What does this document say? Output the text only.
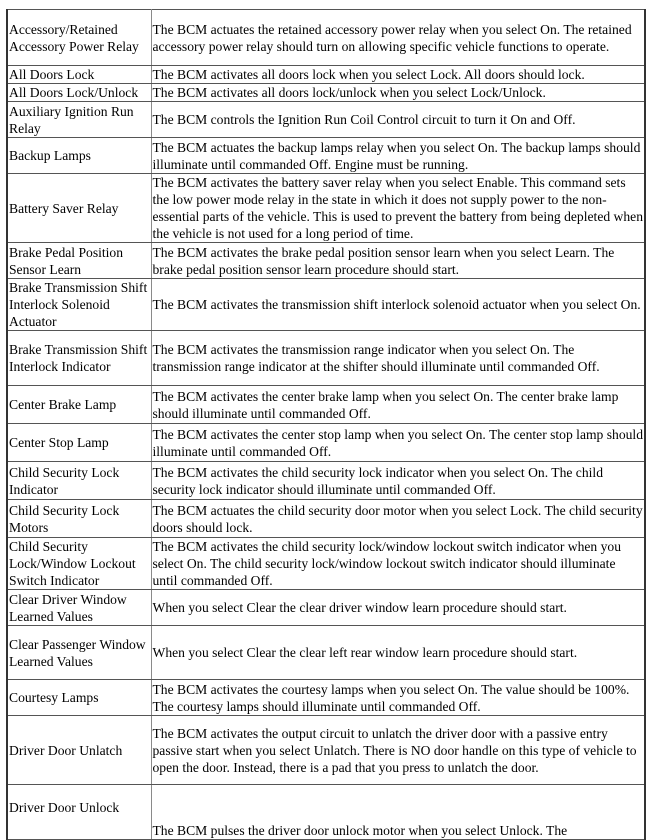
Accessory/Retained Accessory Power Relay	The BCM actuates the retained accessory power relay when you select On. The retained accessory power relay should turn on allowing specific vehicle functions to operate.
All Doors Lock	The BCM activates all doors lock when you select Lock. All doors should lock.
All Doors Lock/Unlock	The BCM activates all doors lock/unlock when you select Lock/Unlock.
Auxiliary Ignition Run Relay	The BCM controls the Ignition Run Coil Control circuit to turn it On and Off.
Backup Lamps	The BCM actuates the backup lamps relay when you select On. The backup lamps should illuminate until commanded Off. Engine must be running.
Battery Saver Relay	The BCM activates the battery saver relay when you select Enable. This command sets the low power mode relay in the state in which it does not supply power to the non-essential parts of the vehicle. This is used to prevent the battery from being depleted when the vehicle is not used for a long period of time.
Brake Pedal Position Sensor Learn	The BCM activates the brake pedal position sensor learn when you select Learn. The brake pedal position sensor learn procedure should start.
Brake Transmission Shift Interlock Solenoid Actuator	The BCM activates the transmission shift interlock solenoid actuator when you select On.
Brake Transmission Shift Interlock Indicator	The BCM activates the transmission range indicator when you select On. The transmission range indicator at the shifter should illuminate until commanded Off.
Center Brake Lamp	The BCM activates the center brake lamp when you select On. The center brake lamp should illuminate until commanded Off.
Center Stop Lamp	The BCM activates the center stop lamp when you select On. The center stop lamp should illuminate until commanded Off.
Child Security Lock Indicator	The BCM activates the child security lock indicator when you select On. The child security lock indicator should illuminate until commanded Off.
Child Security Lock Motors	The BCM actuates the child security door motor when you select Lock. The child security doors should lock.
Child Security Lock/Window Lockout Switch Indicator	The BCM activates the child security lock/window lockout switch indicator when you select On. The child security lock/window lockout switch indicator should illuminate until commanded Off.
Clear Driver Window Learned Values	When you select Clear the clear driver window learn procedure should start.
Clear Passenger Window Learned Values	When you select Clear the clear left rear window learn procedure should start.
Courtesy Lamps	The BCM activates the courtesy lamps when you select On. The value should be 100%. The courtesy lamps should illuminate until commanded Off.
Driver Door Unlatch	The BCM activates the output circuit to unlatch the driver door with a passive entry passive start when you select Unlatch. There is NO door handle on this type of vehicle to open the door. Instead, there is a pad that you press to unlatch the door.
Driver Door Unlock	The BCM pulses the driver door unlock motor when you select Unlock. The
